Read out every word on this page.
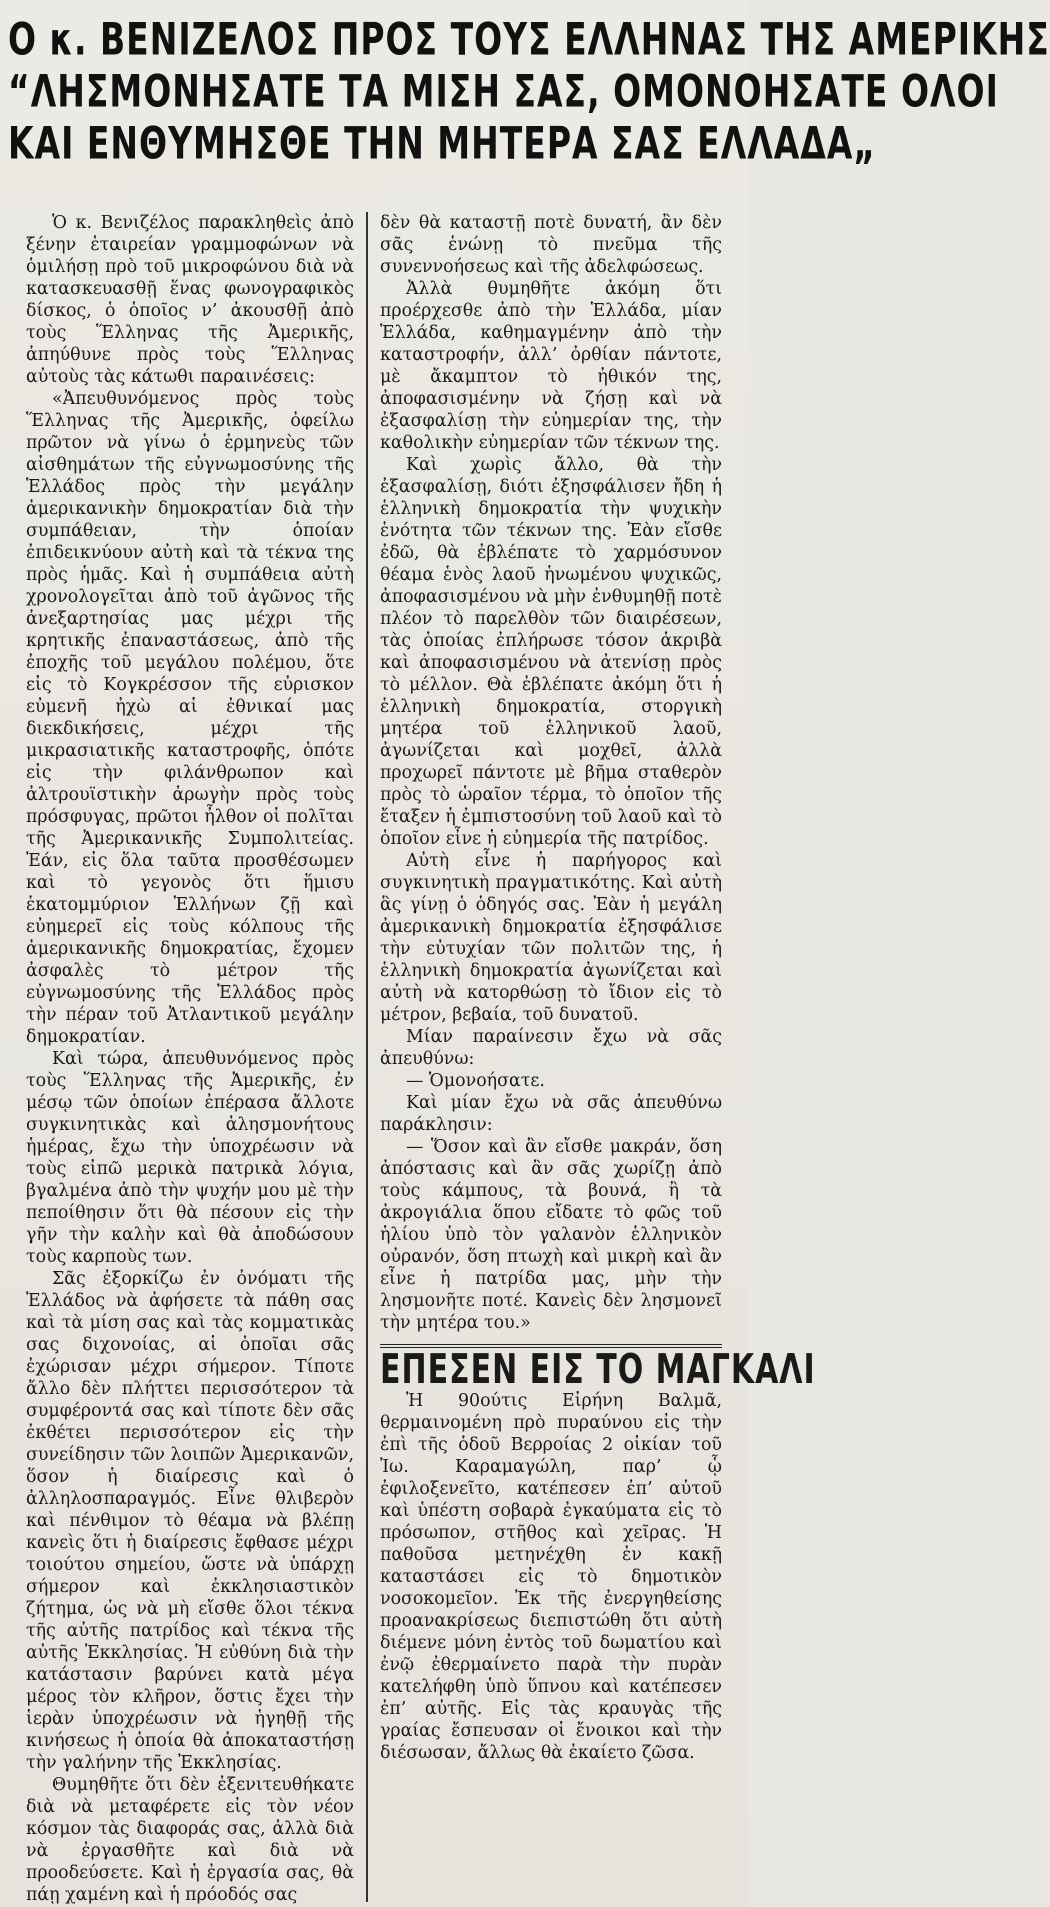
Ο κ. ΒΕΝΙΖΕΛΟΣ ΠΡΟΣ ΤΟΥΣ ΕΛΛΗΝΑΣ ΤΗΣ ΑΜΕΡΙΚΗΣ
“ΛΗΣΜΟΝΗΣΑΤΕ ΤΑ ΜΙΣΗ ΣΑΣ, ΟΜΟΝΟΗΣΑΤΕ ΟΛΟΙ
ΚΑΙ ΕΝΘΥΜΗΣΘΕ ΤΗΝ ΜΗΤΕΡΑ ΣΑΣ ΕΛΛΑΔΑ„

Ὁ κ. Βενιζέλος παρακληθεὶς ἀπὸ ξένην ἑταιρείαν γραμμοφώνων νὰ ὁμιλήσῃ πρὸ τοῦ μικροφώνου διὰ νὰ κατασκευασθῇ ἕνας φωνογραφικὸς δίσκος, ὁ ὁποῖος ν’ ἀκουσθῇ ἀπὸ τοὺς Ἕλληνας τῆς Ἀμερικῆς, ἀπηύθυνε πρὸς τοὺς Ἕλληνας αὐτοὺς τὰς κάτωθι παραινέσεις:

«Ἀπευθυνόμενος πρὸς τοὺς Ἕλληνας τῆς Ἀμερικῆς, ὀφείλω πρῶτον νὰ γίνω ὁ ἑρμηνεὺς τῶν αἰσθημάτων τῆς εὐγνωμοσύνης τῆς Ἑλλάδος πρὸς τὴν μεγάλην ἀμερικανικὴν δημοκρατίαν διὰ τὴν συμπάθειαν, τὴν ὁποίαν ἐπιδεικνύουν αὐτὴ καὶ τὰ τέκνα της πρὸς ἡμᾶς. Καὶ ἡ συμπάθεια αὐτὴ χρονολογεῖται ἀπὸ τοῦ ἀγῶνος τῆς ἀνεξαρτησίας μας μέχρι τῆς κρητικῆς ἐπαναστάσεως, ἀπὸ τῆς ἐποχῆς τοῦ μεγάλου πολέμου, ὅτε εἰς τὸ Κογκρέσσον τῆς εὐρισκον εὐμενῆ ἠχὼ αἱ ἐθνικαί μας διεκδικήσεις, μέχρι τῆς μικρασιατικῆς καταστροφῆς, ὁπότε εἰς τὴν φιλάνθρωπον καὶ ἀλτρουϊστικὴν ἀρωγὴν πρὸς τοὺς πρόσφυγας, πρῶτοι ἦλθον οἱ πολῖται τῆς Ἀμερικανικῆς Συμπολιτείας. Ἐάν, εἰς ὅλα ταῦτα προσθέσωμεν καὶ τὸ γεγονὸς ὅτι ἥμισυ ἑκατομμύριον Ἑλλήνων ζῇ καὶ εὐημερεῖ εἰς τοὺς κόλπους τῆς ἀμερικανικῆς δημοκρατίας, ἔχομεν ἀσφαλὲς τὸ μέτρον τῆς εὐγνωμοσύνης τῆς Ἑλλάδος πρὸς τὴν πέραν τοῦ Ἀτλαντικοῦ μεγάλην δημοκρατίαν.

Καὶ τώρα, ἀπευθυνόμενος πρὸς τοὺς Ἕλληνας τῆς Ἀμερικῆς, ἐν μέσῳ τῶν ὁποίων ἐπέρασα ἄλλοτε συγκινητικὰς καὶ ἀλησμονήτους ἡμέρας, ἔχω τὴν ὑποχρέωσιν νὰ τοὺς εἰπῶ μερικὰ πατρικὰ λόγια, βγαλμένα ἀπὸ τὴν ψυχήν μου μὲ τὴν πεποίθησιν ὅτι θὰ πέσουν εἰς τὴν γῆν τὴν καλὴν καὶ θὰ ἀποδώσουν τοὺς καρποὺς των.

Σᾶς ἐξορκίζω ἐν ὀνόματι τῆς Ἑλλάδος νὰ ἀφήσετε τὰ πάθη σας καὶ τὰ μίση σας καὶ τὰς κομματικὰς σας διχονοίας, αἱ ὁποῖαι σᾶς ἐχώρισαν μέχρι σήμερον. Τίποτε ἄλλο δὲν πλήττει περισσότερον τὰ συμφέροντά σας καὶ τίποτε δὲν σᾶς ἐκθέτει περισσότερον εἰς τὴν συνείδησιν τῶν λοιπῶν Ἀμερικανῶν, ὅσον ἡ διαίρεσις καὶ ὁ ἀλληλοσπαραγμός. Εἶνε θλιβερὸν καὶ πένθιμον τὸ θέαμα νὰ βλέπῃ κανεὶς ὅτι ἡ διαίρεσις ἔφθασε μέχρι τοιούτου σημείου, ὥστε νὰ ὑπάρχῃ σήμερον καὶ ἐκκλησιαστικὸν ζήτημα, ὡς νὰ μὴ εἴσθε ὅλοι τέκνα τῆς αὐτῆς πατρίδος καὶ τέκνα τῆς αὐτῆς Ἐκκλησίας. Ἡ εὐθύνη διὰ τὴν κατάστασιν βαρύνει κατὰ μέγα μέρος τὸν κλῆρον, ὅστις ἔχει τὴν ἱερὰν ὑποχρέωσιν νὰ ἡγηθῇ τῆς κινήσεως ἡ ὁποία θὰ ἀποκαταστήσῃ τὴν γαλήνην τῆς Ἐκκλησίας.

Θυμηθῆτε ὅτι δὲν ἐξενιτευθήκατε διὰ νὰ μεταφέρετε εἰς τὸν νέον κόσμον τὰς διαφοράς σας, ἀλλὰ διὰ νὰ ἐργασθῆτε καὶ διὰ νὰ προοδεύσετε. Καὶ ἡ ἐργασία σας, θὰ πάῃ χαμένη καὶ ἡ πρόοδός σας

δὲν θὰ καταστῇ ποτὲ δυνατή, ἂν δὲν σᾶς ἑνώνῃ τὸ πνεῦμα τῆς συνεννοήσεως καὶ τῆς ἀδελφώσεως.

Ἀλλὰ θυμηθῆτε ἀκόμη ὅτι προέρχεσθε ἀπὸ τὴν Ἑλλάδα, μίαν Ἑλλάδα, καθημαγμένην ἀπὸ τὴν καταστροφήν, ἀλλ’ ὀρθίαν πάντοτε, μὲ ἄκαμπτον τὸ ἠθικόν της, ἀποφασισμένην νὰ ζήσῃ καὶ νὰ ἐξασφαλίσῃ τὴν εὐημερίαν της, τὴν καθολικὴν εὐημερίαν τῶν τέκνων της.

Καὶ χωρὶς ἄλλο, θὰ τὴν ἐξασφαλίσῃ, διότι ἐξησφάλισεν ἤδη ἡ ἑλληνικὴ δημοκρατία τὴν ψυχικὴν ἑνότητα τῶν τέκνων της. Ἐὰν εἴσθε ἐδῶ, θὰ ἐβλέπατε τὸ χαρμόσυνον θέαμα ἑνὸς λαοῦ ἡνωμένου ψυχικῶς, ἀποφασισμένου νὰ μὴν ἐνθυμηθῇ ποτὲ πλέον τὸ παρελθὸν τῶν διαιρέσεων, τὰς ὁποίας ἐπλήρωσε τόσον ἀκριβὰ καὶ ἀποφασισμένου νὰ ἀτενίσῃ πρὸς τὸ μέλλον. Θὰ ἐβλέπατε ἀκόμη ὅτι ἡ ἑλληνικὴ δημοκρατία, στοργικὴ μητέρα τοῦ ἑλληνικοῦ λαοῦ, ἀγωνίζεται καὶ μοχθεῖ, ἀλλὰ προχωρεῖ πάντοτε μὲ βῆμα σταθερὸν πρὸς τὸ ὡραῖον τέρμα, τὸ ὁποῖον τῆς ἔταξεν ἡ ἐμπιστοσύνη τοῦ λαοῦ καὶ τὸ ὁποῖον εἶνε ἡ εὐημερία τῆς πατρίδος.

Αὐτὴ εἶνε ἡ παρήγορος καὶ συγκινητικὴ πραγματικότης. Καὶ αὐτὴ ἃς γίνῃ ὁ ὁδηγός σας. Ἐὰν ἡ μεγάλη ἀμερικανικὴ δημοκρατία ἐξησφάλισε τὴν εὐτυχίαν τῶν πολιτῶν της, ἡ ἑλληνικὴ δημοκρατία ἀγωνίζεται καὶ αὐτὴ νὰ κατορθώσῃ τὸ ἴδιον εἰς τὸ μέτρον, βεβαία, τοῦ δυνατοῦ.

Μίαν παραίνεσιν ἔχω νὰ σᾶς ἀπευθύνω:

— Ὁμονοήσατε.

Καὶ μίαν ἔχω νὰ σᾶς ἀπευθύνω παράκλησιν:

— Ὅσον καὶ ἂν εἴσθε μακράν, ὅση ἀπόστασις καὶ ἂν σᾶς χωρίζῃ ἀπὸ τοὺς κάμπους, τὰ βουνά, ἢ τὰ ἀκρογιάλια ὅπου εἴδατε τὸ φῶς τοῦ ἡλίου ὑπὸ τὸν γαλανὸν ἑλληνικὸν οὐρανόν, ὅση πτωχὴ καὶ μικρὴ καὶ ἂν εἶνε ἡ πατρίδα μας, μὴν τὴν λησμονῆτε ποτέ. Κανεὶς δὲν λησμονεῖ τὴν μητέρα του.»

ΕΠΕΣΕΝ ΕΙΣ ΤΟ ΜΑΓΚΑΛΙ

Ἡ 90ούτις Εἰρήνη Βαλμᾶ, θερμαινομένη πρὸ πυραύνου εἰς τὴν ἐπὶ τῆς ὁδοῦ Βερροίας 2 οἰκίαν τοῦ Ἰω. Καραμαγώλη, παρ’ ᾧ ἐφιλοξενεῖτο, κατέπεσεν ἐπ’ αὐτοῦ καὶ ὑπέστη σοβαρὰ ἐγκαύματα εἰς τὸ πρόσωπον, στῆθος καὶ χεῖρας. Ἡ παθοῦσα μετηνέχθη ἐν κακῇ καταστάσει εἰς τὸ δημοτικὸν νοσοκομεῖον. Ἐκ τῆς ἐνεργηθείσης προανακρίσεως διεπιστώθη ὅτι αὐτὴ διέμενε μόνη ἐντὸς τοῦ δωματίου καὶ ἐνῷ ἐθερμαίνετο παρὰ τὴν πυρὰν κατελήφθη ὑπὸ ὕπνου καὶ κατέπεσεν ἐπ’ αὐτῆς. Εἰς τὰς κραυγὰς τῆς γραίας ἔσπευσαν οἱ ἔνοικοι καὶ τὴν διέσωσαν, ἄλλως θὰ ἐκαίετο ζῶσα.
